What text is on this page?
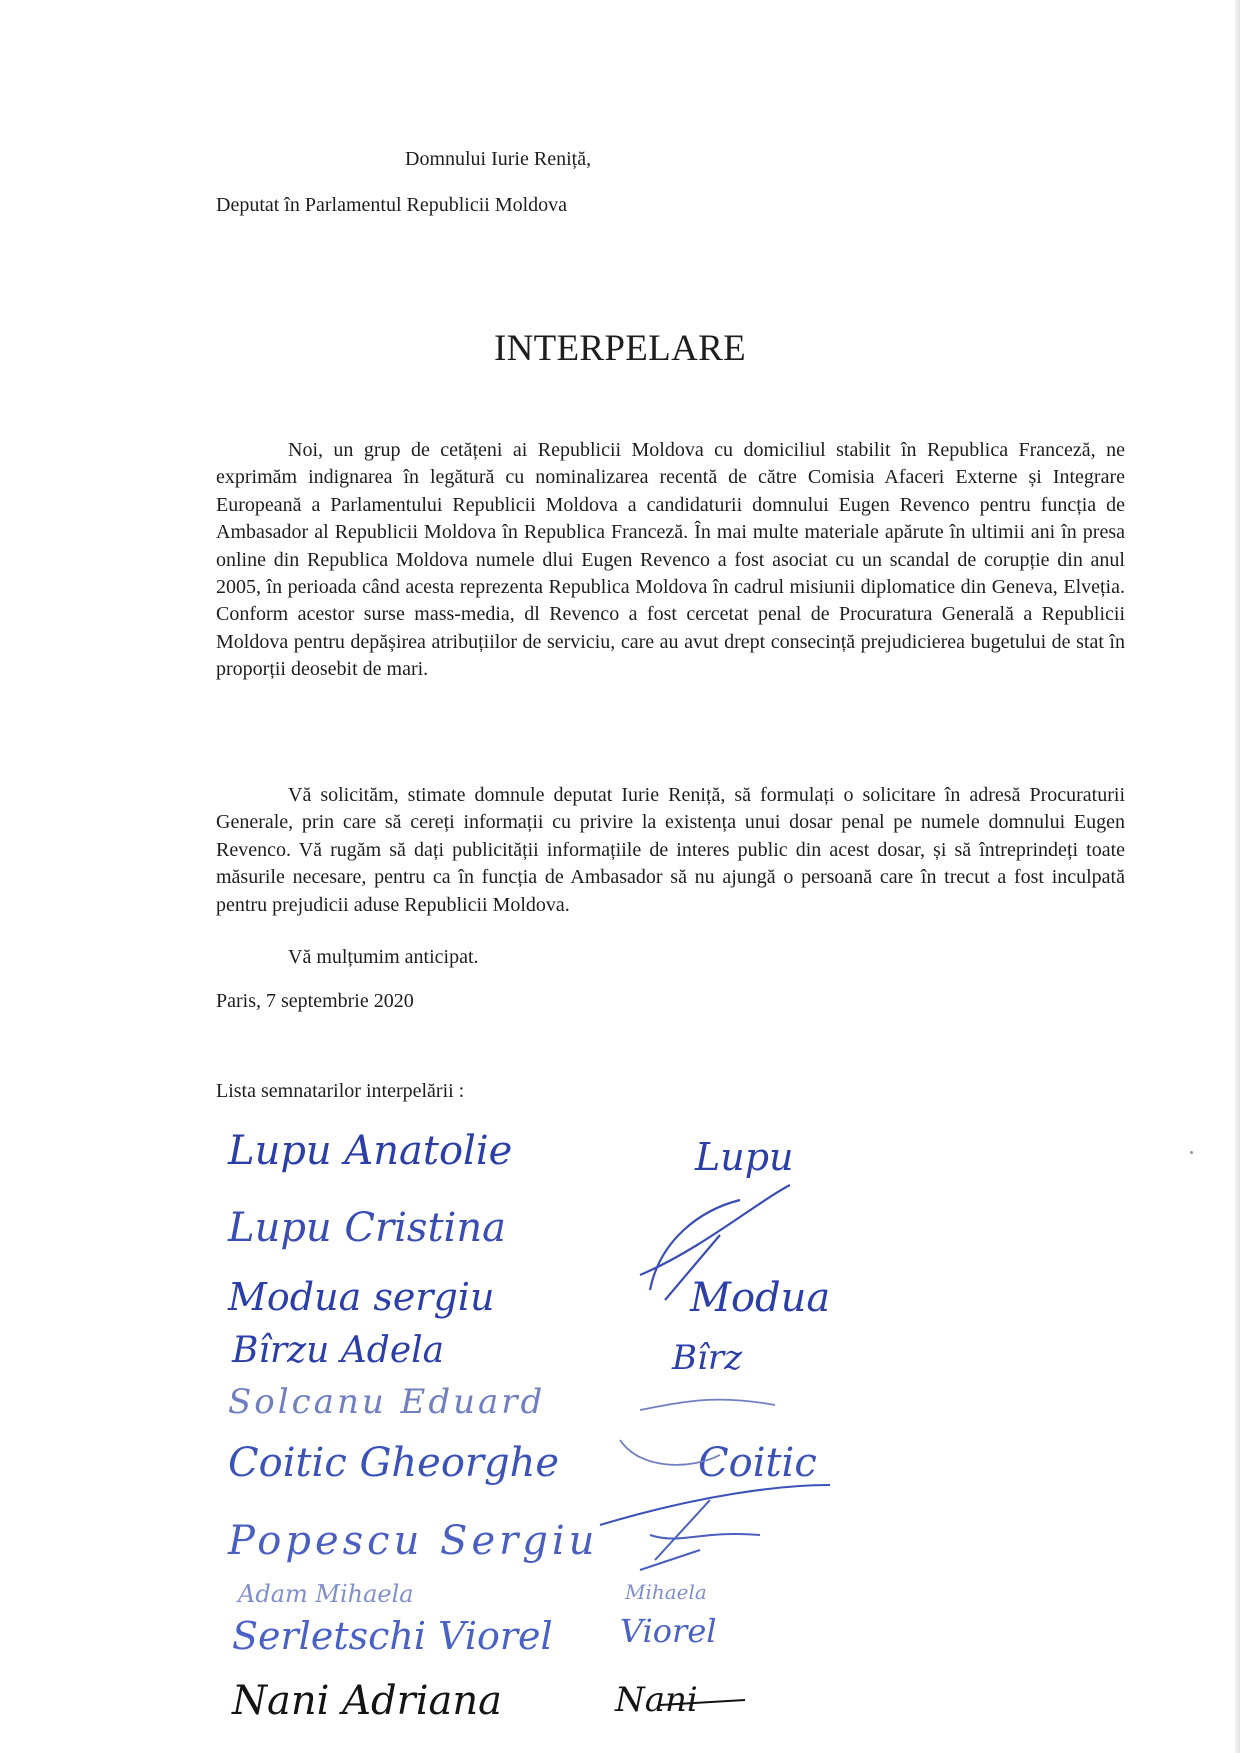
Domnului Iurie Reniță,
Deputat în Parlamentul Republicii Moldova
INTERPELARE

Noi, un grup de cetățeni ai Republicii Moldova cu domiciliul stabilit în Republica Franceză, ne exprimăm indignarea în legătură cu nominalizarea recentă de către Comisia Afaceri Externe și Integrare Europeană a Parlamentului Republicii Moldova a candidaturii domnului Eugen Revenco pentru funcția de Ambasador al Republicii Moldova în Republica Franceză. În mai multe materiale apărute în ultimii ani în presa online din Republica Moldova numele dlui Eugen Revenco a fost asociat cu un scandal de corupție din anul 2005, în perioada când acesta reprezenta Republica Moldova în cadrul misiunii diplomatice din Geneva, Elveția. Conform acestor surse mass-media, dl Revenco a fost cercetat penal de Procuratura Generală a Republicii Moldova pentru depășirea atribuțiilor de serviciu, care au avut drept consecință prejudicierea bugetului de stat în proporții deosebit de mari.

Vă solicităm, stimate domnule deputat Iurie Reniță, să formulați o solicitare în adresă Procuraturii Generale, prin care să cereți informații cu privire la existența unui dosar penal pe numele domnului Eugen Revenco. Vă rugăm să dați publicității informațiile de interes public din acest dosar, și să întreprindeți toate măsurile necesare, pentru ca în funcția de Ambasador să nu ajungă o persoană care în trecut a fost inculpată pentru prejudicii aduse Republicii Moldova.

Vă mulțumim anticipat.
Paris, 7 septembrie 2020
Lista semnatarilor interpelării :
Lupu Anatolie
Lupu Cristina
Modua sergiu
Bîrzu Adela
Solcanu Eduard
Coitic Gheorghe
Popescu Sergiu
Adam Mihaela
Serletschi Viorel
Nani Adriana
Lupu
Modua
Bîrz
Coitic
Mihaela
Viorel
Nani
